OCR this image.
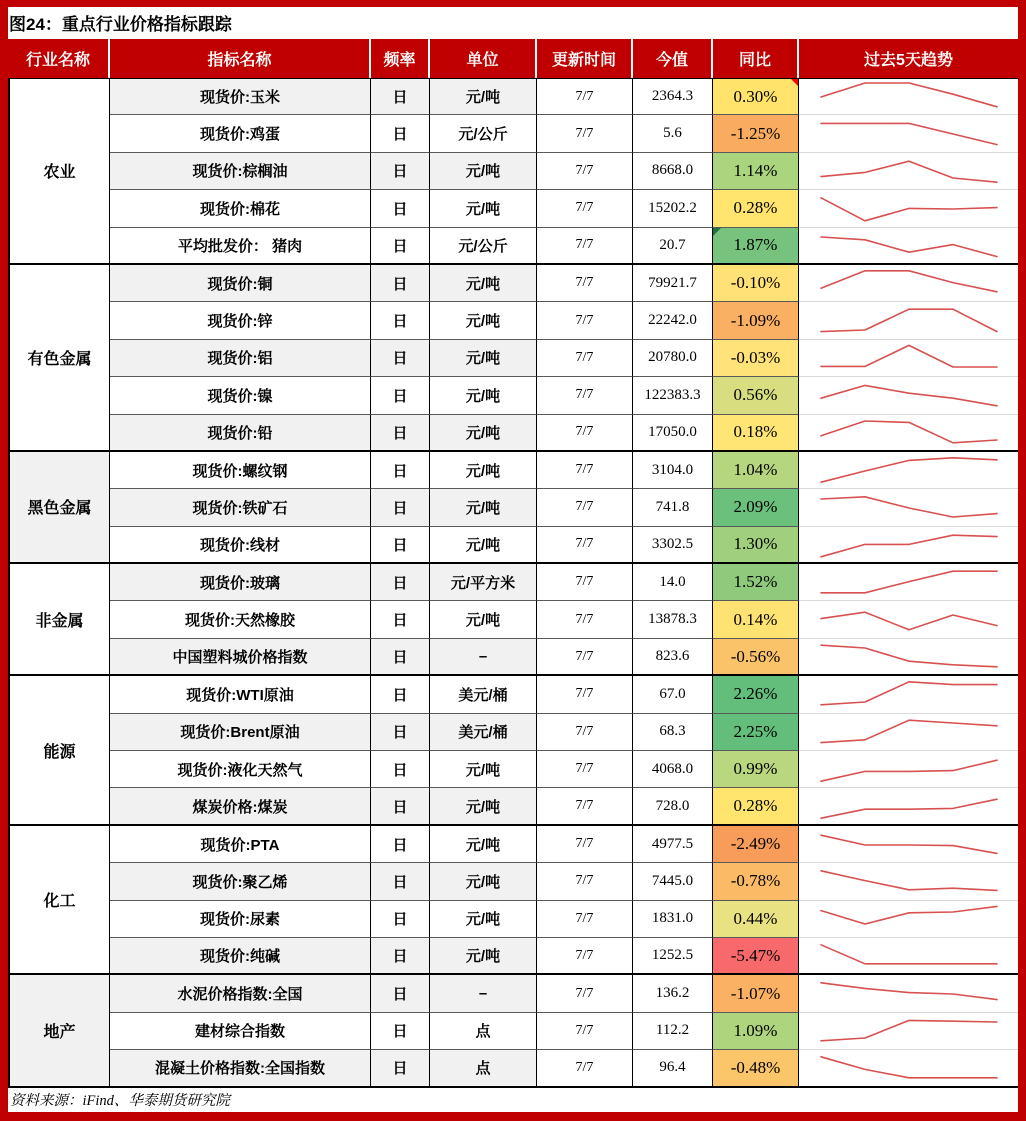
图24：重点行业价格指标跟踪
行业名称	指标名称	频率	单位	更新时间	今值	同比	过去5天趋势
农业
现货价:玉米	日	元/吨	7/7	2364.3	0.30%
现货价:鸡蛋	日	元/公斤	7/7	5.6	-1.25%
现货价:棕榈油	日	元/吨	7/7	8668.0	1.14%
现货价:棉花	日	元/吨	7/7	15202.2	0.28%
平均批发价： 猪肉	日	元/公斤	7/7	20.7	1.87%
有色金属
现货价:铜	日	元/吨	7/7	79921.7	-0.10%
现货价:锌	日	元/吨	7/7	22242.0	-1.09%
现货价:铝	日	元/吨	7/7	20780.0	-0.03%
现货价:镍	日	元/吨	7/7	122383.3	0.56%
现货价:铅	日	元/吨	7/7	17050.0	0.18%
黑色金属
现货价:螺纹钢	日	元/吨	7/7	3104.0	1.04%
现货价:铁矿石	日	元/吨	7/7	741.8	2.09%
现货价:线材	日	元/吨	7/7	3302.5	1.30%
非金属
现货价:玻璃	日	元/平方米	7/7	14.0	1.52%
现货价:天然橡胶	日	元/吨	7/7	13878.3	0.14%
中国塑料城价格指数	日	–	7/7	823.6	-0.56%
能源
现货价:WTI原油	日	美元/桶	7/7	67.0	2.26%
现货价:Brent原油	日	美元/桶	7/7	68.3	2.25%
现货价:液化天然气	日	元/吨	7/7	4068.0	0.99%
煤炭价格:煤炭	日	元/吨	7/7	728.0	0.28%
化工
现货价:PTA	日	元/吨	7/7	4977.5	-2.49%
现货价:聚乙烯	日	元/吨	7/7	7445.0	-0.78%
现货价:尿素	日	元/吨	7/7	1831.0	0.44%
现货价:纯碱	日	元/吨	7/7	1252.5	-5.47%
地产
水泥价格指数:全国	日	–	7/7	136.2	-1.07%
建材综合指数	日	点	7/7	112.2	1.09%
混凝土价格指数:全国指数	日	点	7/7	96.4	-0.48%
资料来源：iFind、华泰期货研究院
